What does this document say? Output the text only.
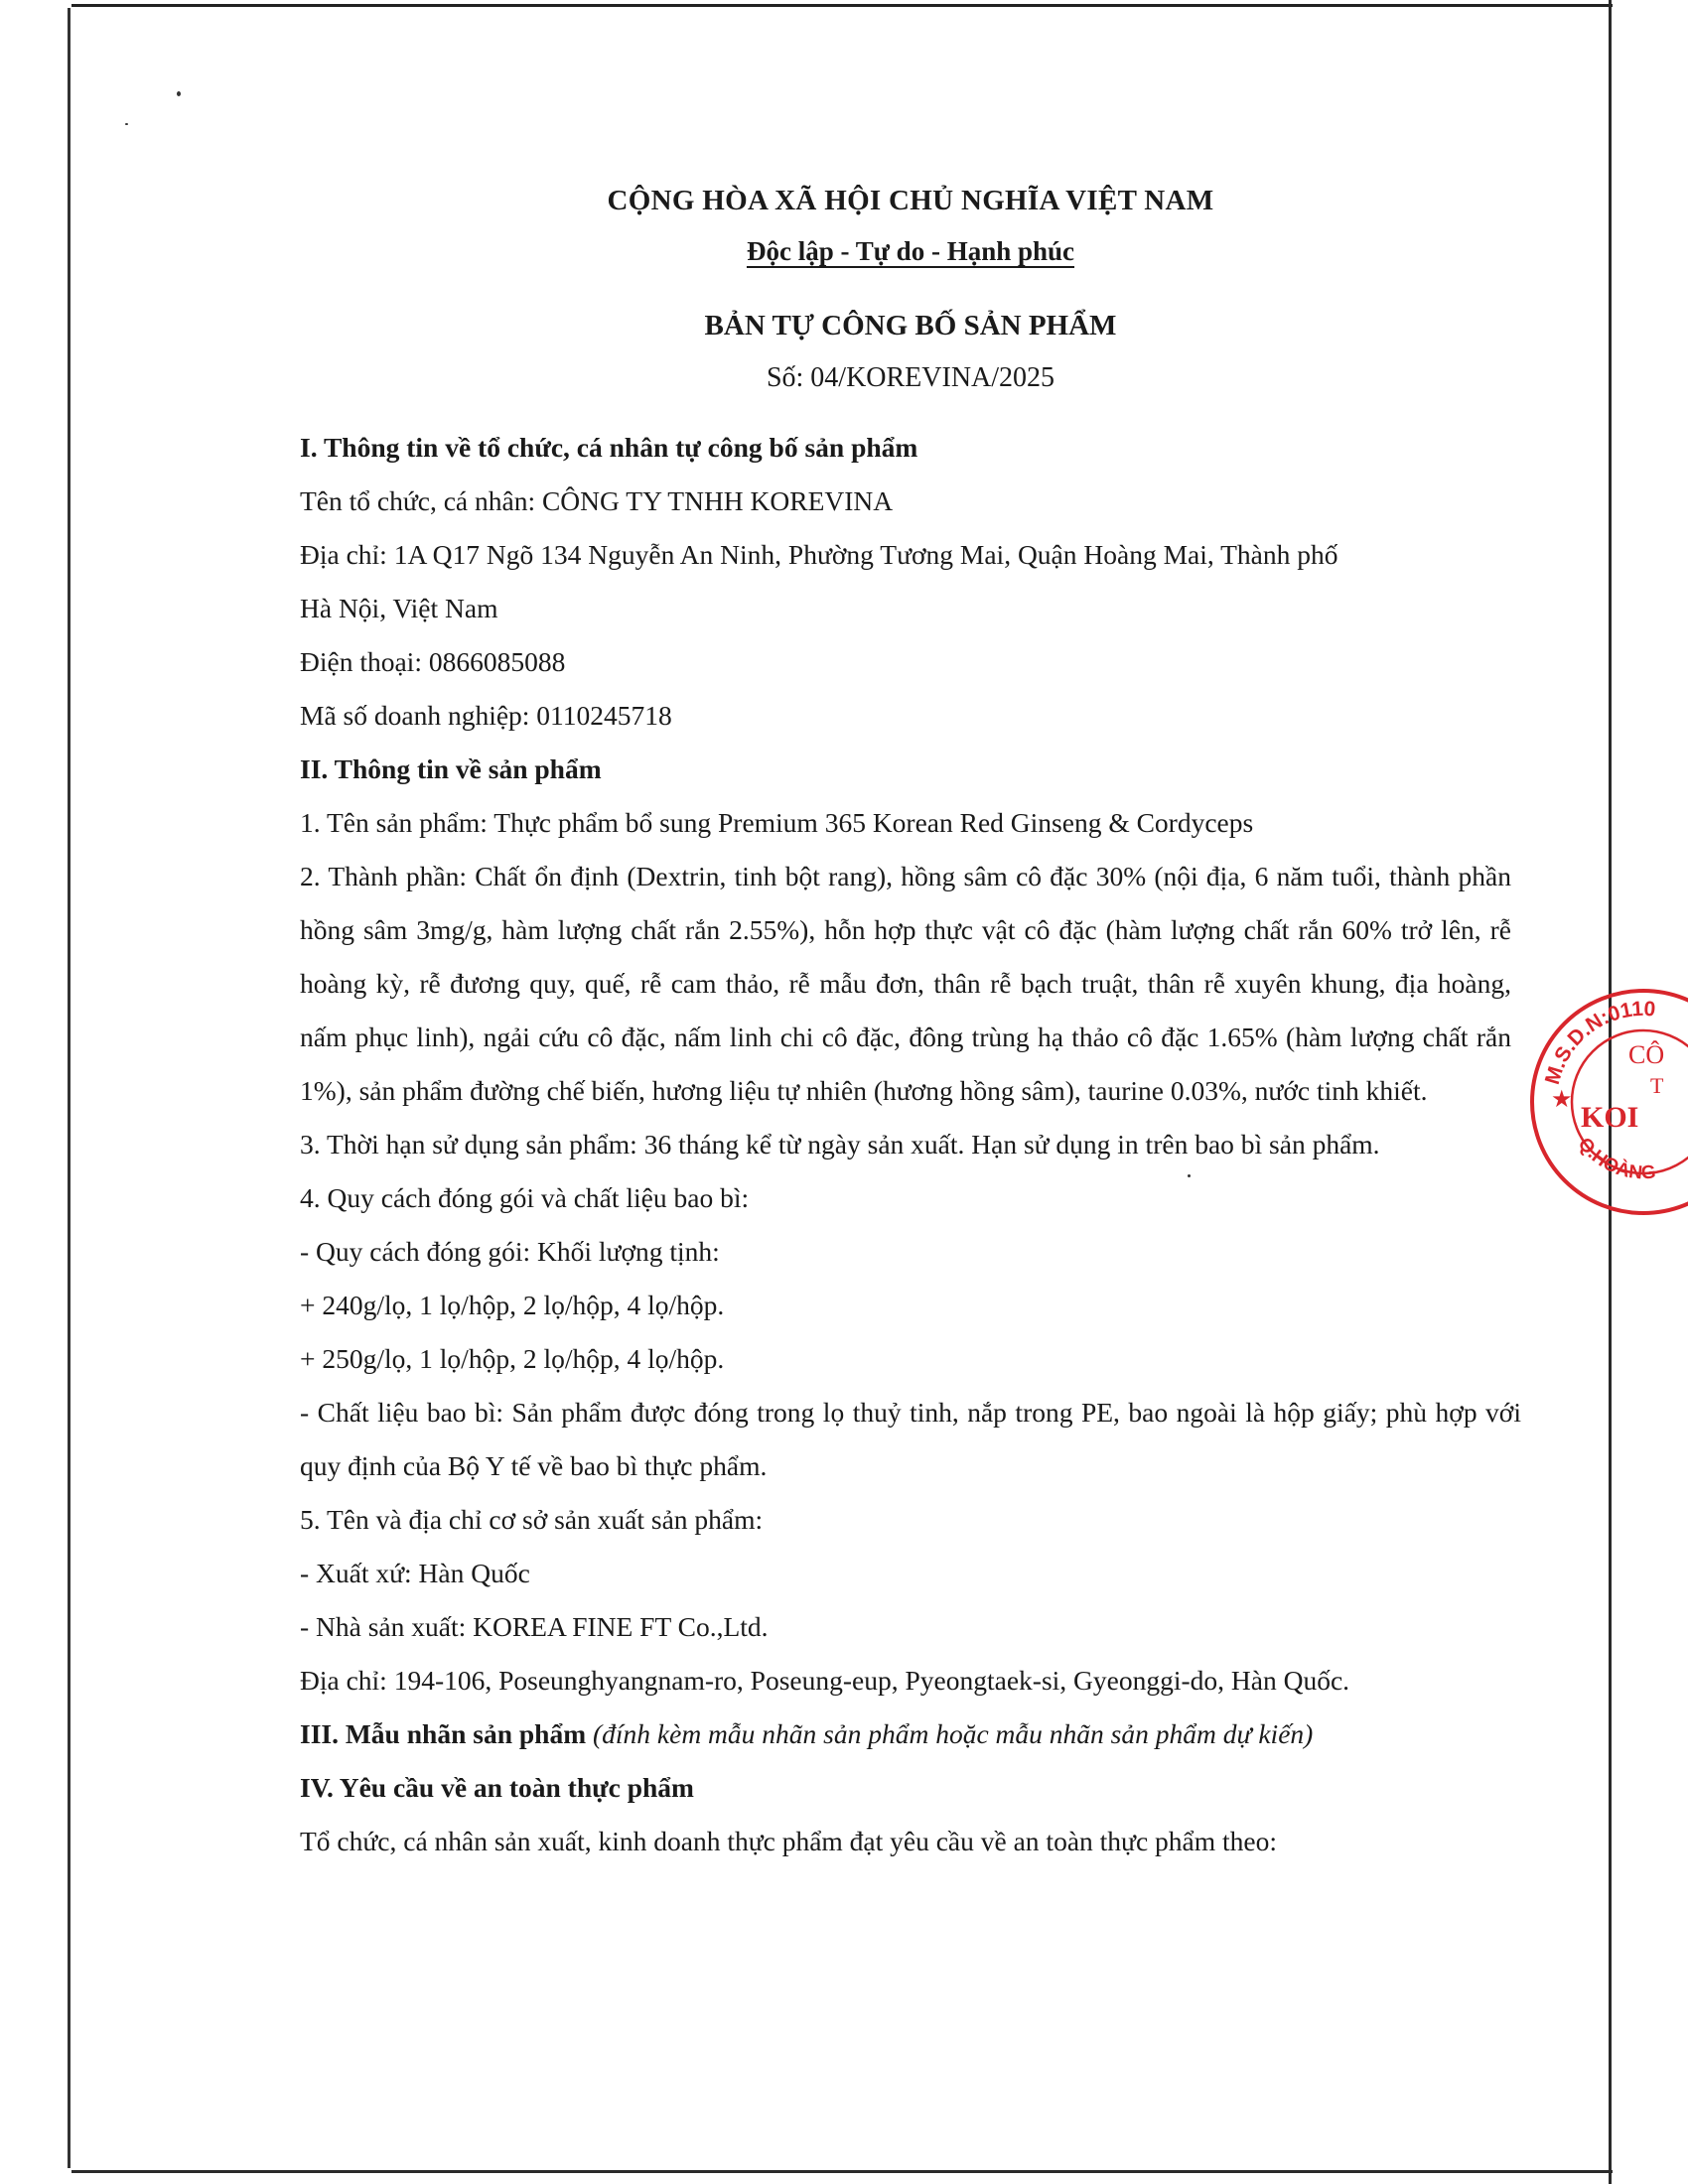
CỘNG HÒA XÃ HỘI CHỦ NGHĨA VIỆT NAM

Độc lập - Tự do - Hạnh phúc

BẢN TỰ CÔNG BỐ SẢN PHẨM

Số: 04/KOREVINA/2025

I. Thông tin về tổ chức, cá nhân tự công bố sản phẩm

Tên tổ chức, cá nhân: CÔNG TY TNHH KOREVINA

Địa chỉ: 1A Q17 Ngõ 134 Nguyễn An Ninh, Phường Tương Mai, Quận Hoàng Mai, Thành phố

Hà Nội, Việt Nam

Điện thoại: 0866085088

Mã số doanh nghiệp: 0110245718

II. Thông tin về sản phẩm

1. Tên sản phẩm: Thực phẩm bổ sung Premium 365 Korean Red Ginseng & Cordyceps

2. Thành phần: Chất ổn định (Dextrin, tinh bột rang), hồng sâm cô đặc 30% (nội địa, 6 năm tuổi, thành phần hồng sâm 3mg/g, hàm lượng chất rắn 2.55%), hỗn hợp thực vật cô đặc (hàm lượng chất rắn 60% trở lên, rễ hoàng kỳ, rễ đương quy, quế, rễ cam thảo, rễ mẫu đơn, thân rễ bạch truật, thân rễ xuyên khung, địa hoàng, nấm phục linh), ngải cứu cô đặc, nấm linh chi cô đặc, đông trùng hạ thảo cô đặc 1.65% (hàm lượng chất rắn 1%), sản phẩm đường chế biến, hương liệu tự nhiên (hương hồng sâm), taurine 0.03%, nước tinh khiết.

3. Thời hạn sử dụng sản phẩm: 36 tháng kể từ ngày sản xuất. Hạn sử dụng in trên bao bì sản phẩm.

4. Quy cách đóng gói và chất liệu bao bì:

- Quy cách đóng gói: Khối lượng tịnh:

+ 240g/lọ, 1 lọ/hộp, 2 lọ/hộp, 4 lọ/hộp.

+ 250g/lọ, 1 lọ/hộp, 2 lọ/hộp, 4 lọ/hộp.

- Chất liệu bao bì: Sản phẩm được đóng trong lọ thuỷ tinh, nắp trong PE, bao ngoài là hộp giấy; phù hợp với quy định của Bộ Y tế về bao bì thực phẩm.

5. Tên và địa chỉ cơ sở sản xuất sản phẩm:

- Xuất xứ: Hàn Quốc

- Nhà sản xuất: KOREA FINE FT Co.,Ltd.

Địa chỉ: 194-106, Poseunghyangnam-ro, Poseung-eup, Pyeongtaek-si, Gyeonggi-do, Hàn Quốc.

III. Mẫu nhãn sản phẩm (đính kèm mẫu nhãn sản phẩm hoặc mẫu nhãn sản phẩm dự kiến)

IV. Yêu cầu về an toàn thực phẩm

Tổ chức, cá nhân sản xuất, kinh doanh thực phẩm đạt yêu cầu về an toàn thực phẩm theo:

M.S.D.N:0110
Q.HOÀNG
★
CÔ
T
KOI
